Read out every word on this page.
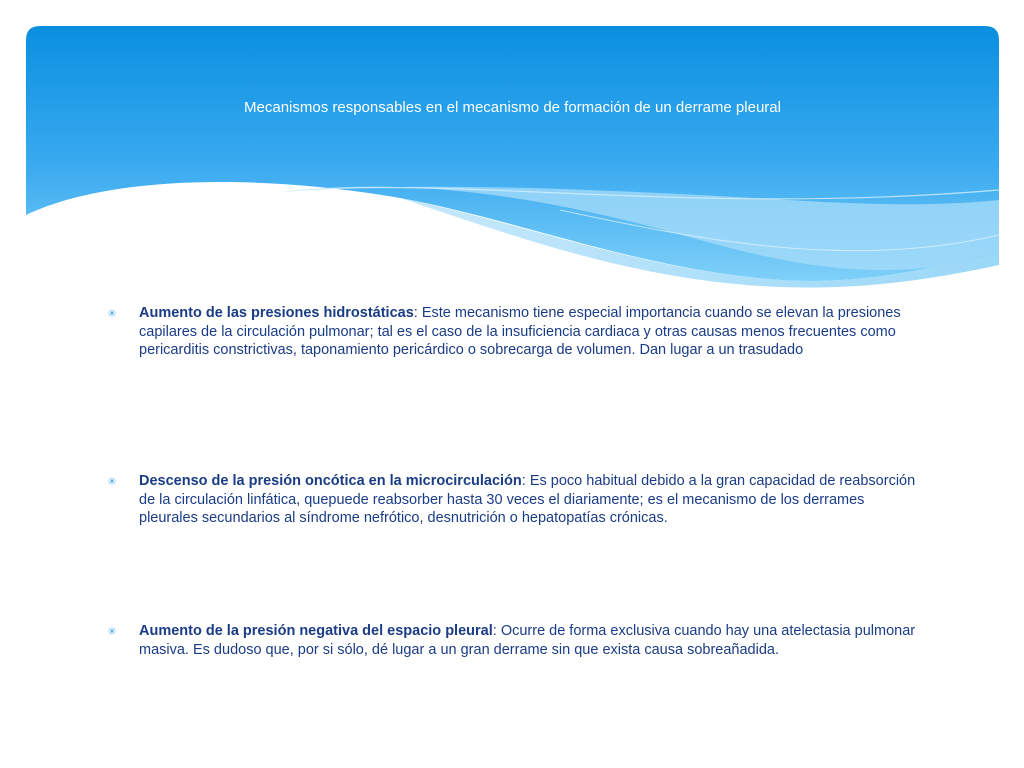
Mecanismos responsables en el mecanismo de formación de un derrame pleural
✳ Aumento de las presiones hidrostáticas: Este mecanismo tiene especial importancia cuando se elevan la presiones capilares de la circulación pulmonar; tal es el caso de la insuficiencia cardiaca y otras causas menos frecuentes como pericarditis constrictivas, taponamiento pericárdico o sobrecarga de volumen. Dan lugar a un trasudado
✳ Descenso de la presión oncótica en la microcirculación: Es poco habitual debido a la gran capacidad de reabsorción de la circulación linfática, quepuede reabsorber hasta 30 veces el diariamente; es el mecanismo de los derrames pleurales secundarios al síndrome nefrótico, desnutrición o hepatopatías crónicas.
✳ Aumento de la presión negativa del espacio pleural: Ocurre de forma exclusiva cuando hay una atelectasia pulmonar masiva. Es dudoso que, por si sólo, dé lugar a un gran derrame sin que exista causa sobreañadida.
